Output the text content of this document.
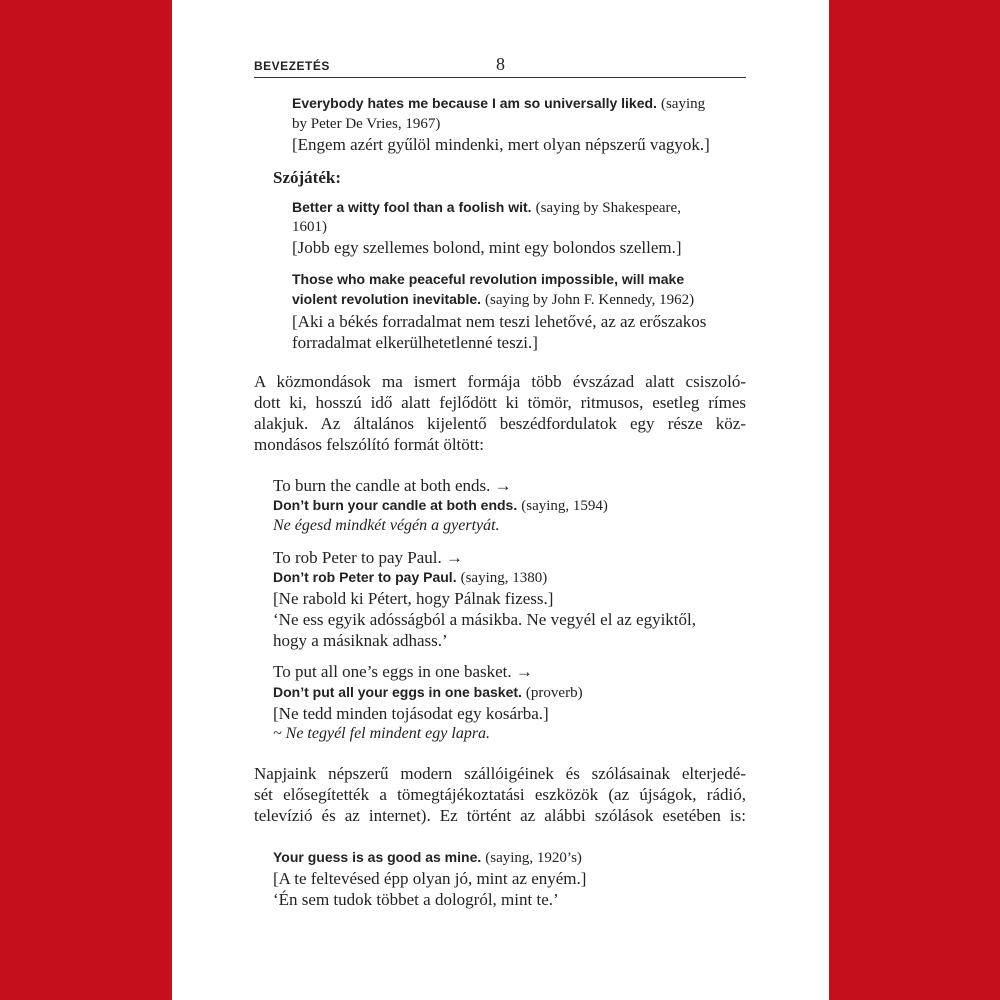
BEVEZETÉS	8
Everybody hates me because I am so universally liked. (saying
by Peter De Vries, 1967)
[Engem azért gyűlöl mindenki, mert olyan népszerű vagyok.]
Szójáték:
Better a witty fool than a foolish wit. (saying by Shakespeare,
1601)
[Jobb egy szellemes bolond, mint egy bolondos szellem.]
Those who make peaceful revolution impossible, will make
violent revolution inevitable. (saying by John F. Kennedy, 1962)
[Aki a békés forradalmat nem teszi lehetővé, az az erőszakos
forradalmat elkerülhetetlenné teszi.]
A közmondások ma ismert formája több évszázad alatt csiszoló-
dott ki, hosszú idő alatt fejlődött ki tömör, ritmusos, esetleg rímes
alakjuk. Az általános kijelentő beszédfordulatok egy része köz-
mondásos felszólító formát öltött:
To burn the candle at both ends. →
Don’t burn your candle at both ends. (saying, 1594)
Ne égesd mindkét végén a gyertyát.
To rob Peter to pay Paul. →
Don’t rob Peter to pay Paul. (saying, 1380)
[Ne rabold ki Pétert, hogy Pálnak fizess.]
‘Ne ess egyik adósságból a másikba. Ne vegyél el az egyiktől,
hogy a másiknak adhass.’
To put all one’s eggs in one basket. →
Don’t put all your eggs in one basket. (proverb)
[Ne tedd minden tojásodat egy kosárba.]
~ Ne tegyél fel mindent egy lapra.
Napjaink népszerű modern szállóigéinek és szólásainak elterjedé-
sét elősegítették a tömegtájékoztatási eszközök (az újságok, rádió,
televízió és az internet). Ez történt az alábbi szólások esetében is:
Your guess is as good as mine. (saying, 1920’s)
[A te feltevésed épp olyan jó, mint az enyém.]
‘Én sem tudok többet a dologról, mint te.’
